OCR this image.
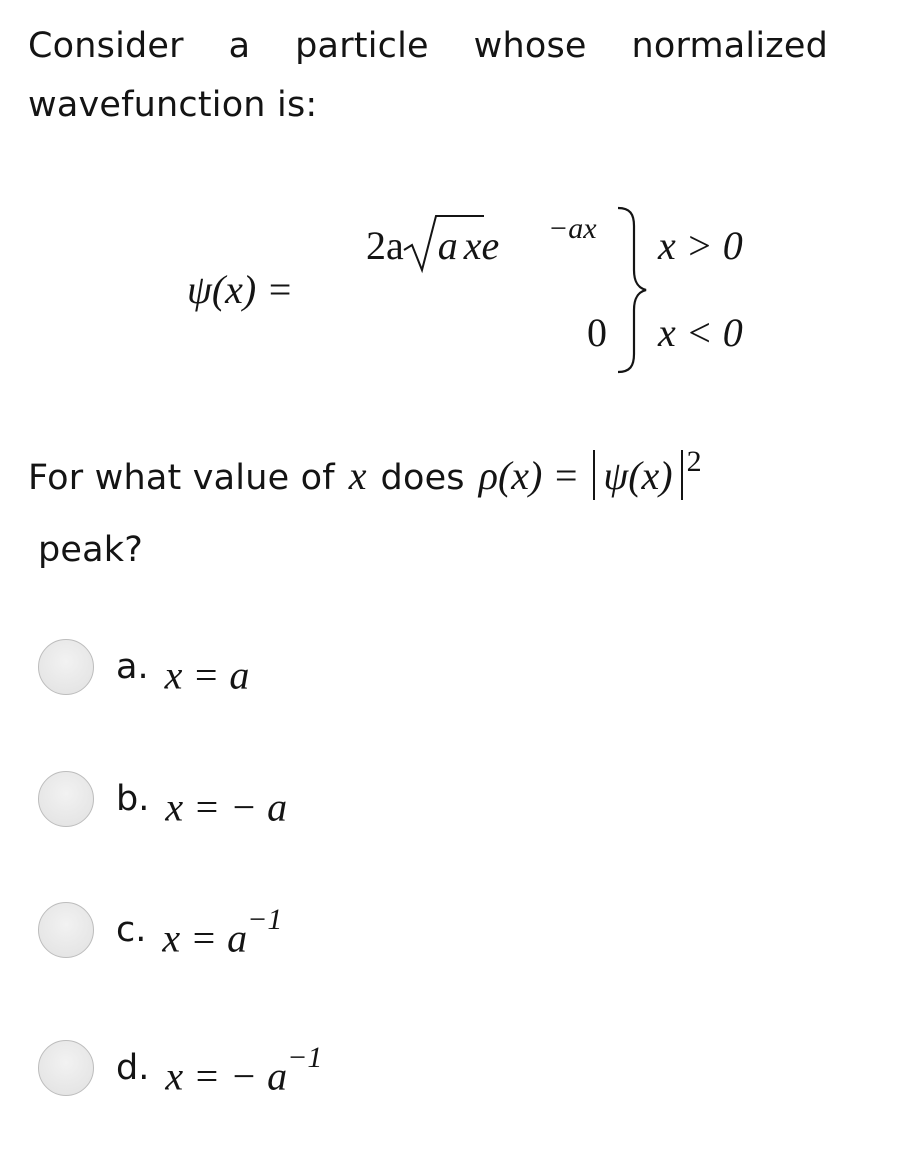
Consider a particle whose normalized
wavefunction is:
ψ(x) =
2a a xe −ax x > 0
0 x < 0
For what value of x does ρ(x) = ψ(x) 2
peak?
a. x = a
b. x = − a
c. $x = a^{-1}$
d. x = − $a^{-1}$
